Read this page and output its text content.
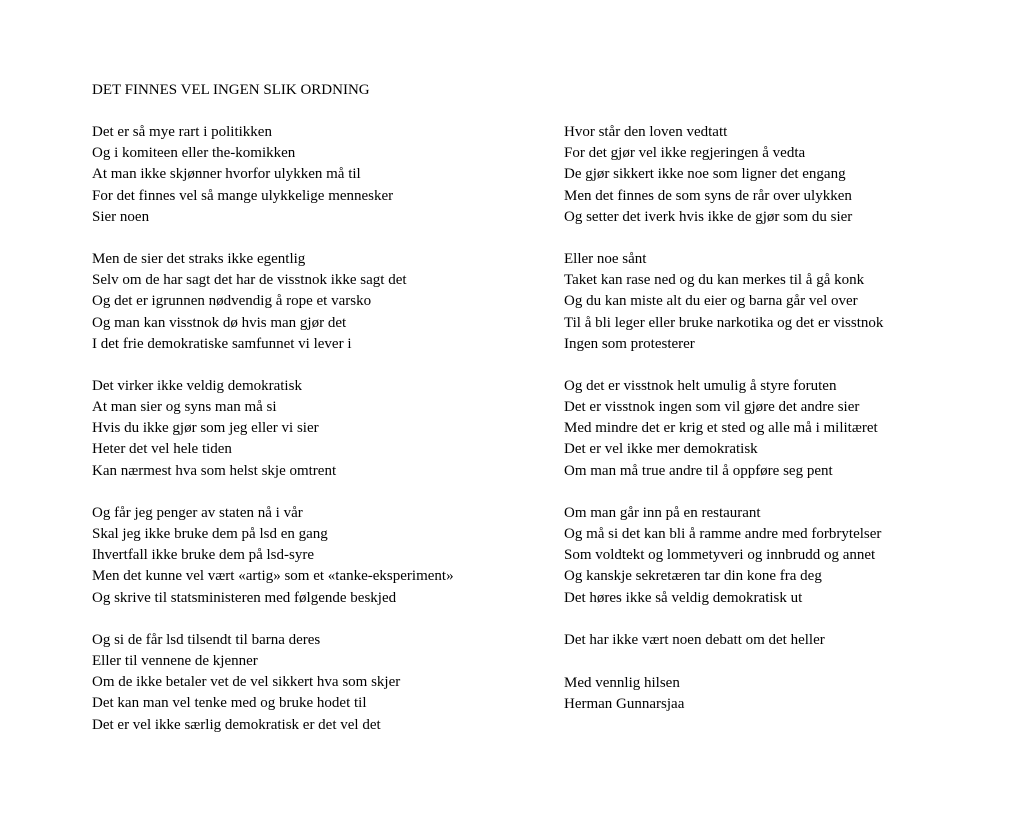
DET FINNES VEL INGEN SLIK ORDNING
Det er så mye rart i politikken
Og i komiteen eller the-komikken
At man ikke skjønner hvorfor ulykken må til
For det finnes vel så mange ulykkelige mennesker
Sier noen
Men de sier det straks ikke egentlig
Selv om de har sagt det har de visstnok ikke sagt det
Og det er igrunnen nødvendig å rope et varsko
Og man kan visstnok dø hvis man gjør det
I det frie demokratiske samfunnet vi lever i
Det virker ikke veldig demokratisk
At man sier og syns man må si
Hvis du ikke gjør som jeg eller vi sier
Heter det vel hele tiden
Kan nærmest hva som helst skje omtrent
Og får jeg penger av staten nå i vår
Skal jeg ikke bruke dem på lsd en gang
Ihvertfall ikke bruke dem på lsd-syre
Men det kunne vel vært «artig» som et «tanke-eksperiment»
Og skrive til statsministeren med følgende beskjed
Og si de får lsd tilsendt til barna deres
Eller til vennene de kjenner
Om de ikke betaler vet de vel sikkert hva som skjer
Det kan man vel tenke med og bruke hodet til
Det er vel ikke særlig demokratisk er det vel det
Hvor står den loven vedtatt
For det gjør vel ikke regjeringen å vedta
De gjør sikkert ikke noe som ligner det engang
Men det finnes de som syns de rår over ulykken
Og setter det iverk hvis ikke de gjør som du sier
Eller noe sånt
Taket kan rase ned og du kan merkes til å gå konk
Og du kan miste alt du eier og barna går vel over
Til å bli leger eller bruke narkotika og det er visstnok
Ingen som protesterer
Og det er visstnok helt umulig å styre foruten
Det er visstnok ingen som vil gjøre det andre sier
Med mindre det er krig et sted og alle må i militæret
Det er vel ikke mer demokratisk
Om man må true andre til å oppføre seg pent
Om man går inn på en restaurant
Og må si det kan bli å ramme andre med forbrytelser
Som voldtekt og lommetyveri og innbrudd og annet
Og kanskje sekretæren tar din kone fra deg
Det høres ikke så veldig demokratisk ut
Det har ikke vært noen debatt om det heller
Med vennlig hilsen
Herman Gunnarsjaa
